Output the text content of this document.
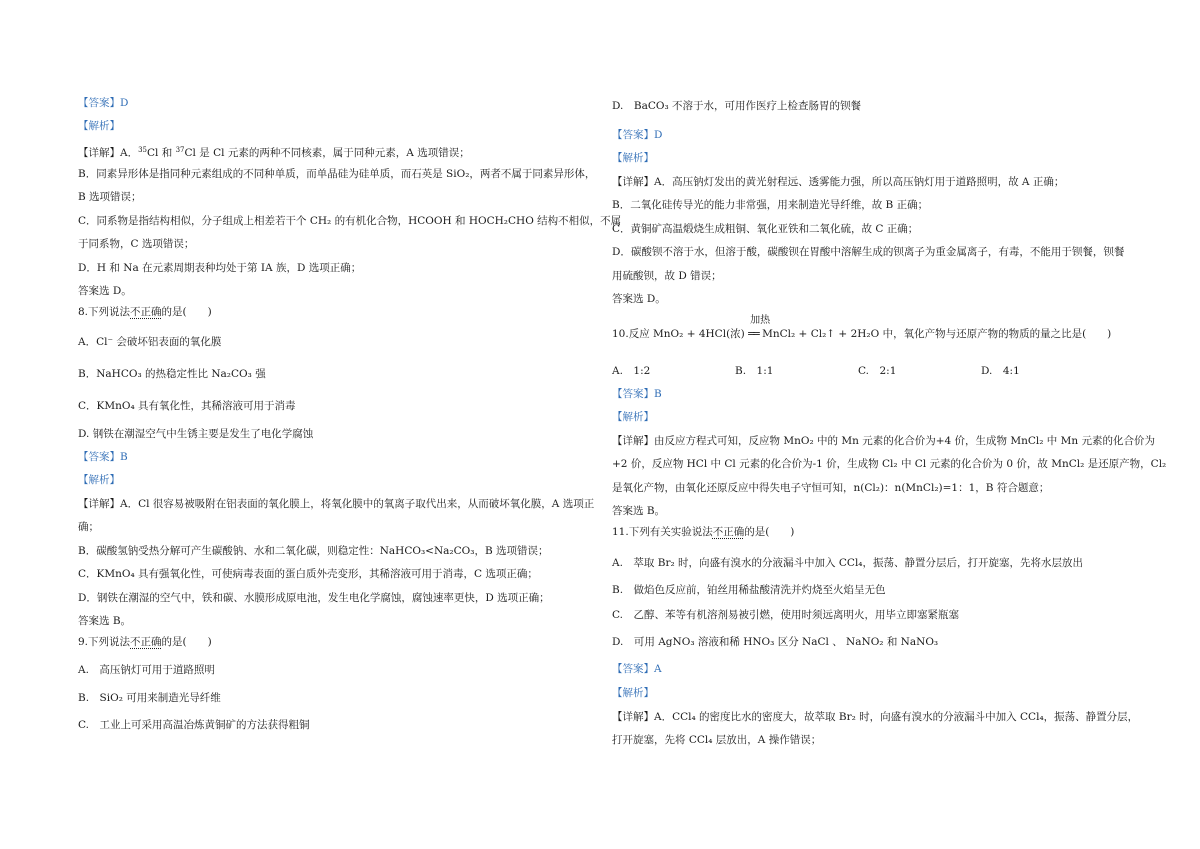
【答案】D
【解析】
【详解】A．$^{35}$Cl 和 $^{37}$Cl 是 Cl 元素的两种不同核素，属于同种元素，A 选项错误；
B．同素异形体是指同种元素组成的不同种单质，而单晶硅为硅单质，而石英是 SiO₂，两者不属于同素异形体，
B 选项错误；
C．同系物是指结构相似，分子组成上相差若干个 CH₂ 的有机化合物，HCOOH 和 HOCH₂CHO 结构不相似，不属
于同系物，C 选项错误；
D．H 和 Na 在元素周期表种均处于第 IA 族，D 选项正确；
答案选 D。
8.下列说法不正确的是(　　)
A．Cl⁻ 会破坏铝表面的氧化膜
B．NaHCO₃ 的热稳定性比 Na₂CO₃ 强
C．KMnO₄ 具有氧化性，其稀溶液可用于消毒
D. 钢铁在潮湿空气中生锈主要是发生了电化学腐蚀
【答案】B
【解析】
【详解】A．Cl 很容易被吸附在铝表面的氧化膜上，将氧化膜中的氧离子取代出来，从而破坏氧化膜，A 选项正
确；
B．碳酸氢钠受热分解可产生碳酸钠、水和二氧化碳，则稳定性：NaHCO₃<Na₂CO₃，B 选项错误；
C．KMnO₄ 具有强氧化性，可使病毒表面的蛋白质外壳变形，其稀溶液可用于消毒，C 选项正确；
D．钢铁在潮湿的空气中，铁和碳、水膜形成原电池，发生电化学腐蚀，腐蚀速率更快，D 选项正确；
答案选 B。
9.下列说法不正确的是(　　)
A.　高压钠灯可用于道路照明
B.　SiO₂ 可用来制造光导纤维
C.　工业上可采用高温冶炼黄铜矿的方法获得粗铜
D.　BaCO₃ 不溶于水，可用作医疗上检查肠胃的钡餐
【答案】D
【解析】
【详解】A．高压钠灯发出的黄光射程远、透雾能力强，所以高压钠灯用于道路照明，故 A 正确；
B．二氧化硅传导光的能力非常强，用来制造光导纤维，故 B 正确；
C．黄铜矿高温煅烧生成粗铜、氧化亚铁和二氧化硫，故 C 正确；
D．碳酸钡不溶于水，但溶于酸，碳酸钡在胃酸中溶解生成的钡离子为重金属离子，有毒，不能用于钡餐，钡餐
用硫酸钡，故 D 错误；
答案选 D。
10.反应 MnO₂ + 4HCl(浓)
加热
══ MnCl₂ + Cl₂↑ + 2H₂O 中，氧化产物与还原产物的物质的量之比是(　　)
A.　1:2	B.　1:1	C.　2:1	D.　4:1
【答案】B
【解析】
【详解】由反应方程式可知，反应物 MnO₂ 中的 Mn 元素的化合价为+4 价，生成物 MnCl₂ 中 Mn 元素的化合价为
+2 价，反应物 HCl 中 Cl 元素的化合价为-1 价，生成物 Cl₂ 中 Cl 元素的化合价为 0 价，故 MnCl₂ 是还原产物，Cl₂
是氧化产物，由氧化还原反应中得失电子守恒可知，n(Cl₂)：n(MnCl₂)=1：1，B 符合题意；
答案选 B。
11.下列有关实验说法不正确的是(　　)
A.　萃取 Br₂ 时，向盛有溴水的分液漏斗中加入 CCl₄，振荡、静置分层后，打开旋塞，先将水层放出
B.　做焰色反应前，铂丝用稀盐酸清洗并灼烧至火焰呈无色
C.　乙醇、苯等有机溶剂易被引燃，使用时须远离明火，用毕立即塞紧瓶塞
D.　可用 AgNO₃ 溶液和稀 HNO₃ 区分 NaCl 、 NaNO₂ 和 NaNO₃
【答案】A
【解析】
【详解】A．CCl₄ 的密度比水的密度大，故萃取 Br₂ 时，向盛有溴水的分液漏斗中加入 CCl₄，振荡、静置分层，
打开旋塞，先将 CCl₄ 层放出，A 操作错误；
